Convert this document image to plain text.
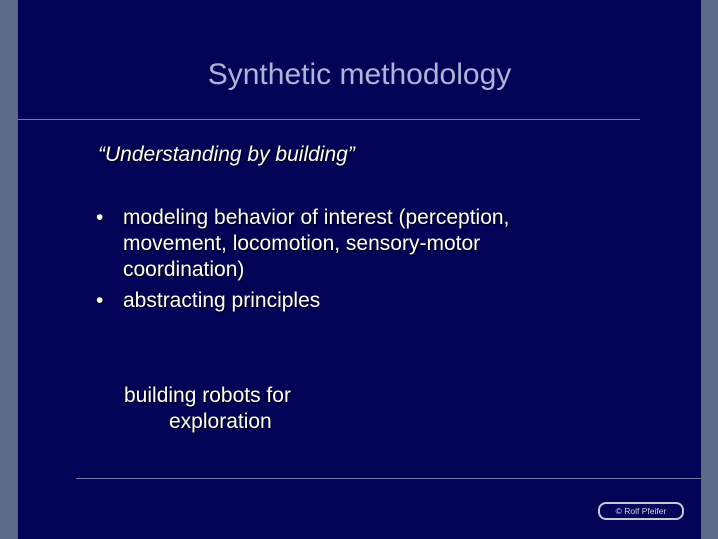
Synthetic methodology
“Understanding by building”
• modeling behavior of interest (perception, movement, locomotion, sensory-motor coordination)
• abstracting principles
building robots for
exploration
© Rolf Pfeifer
